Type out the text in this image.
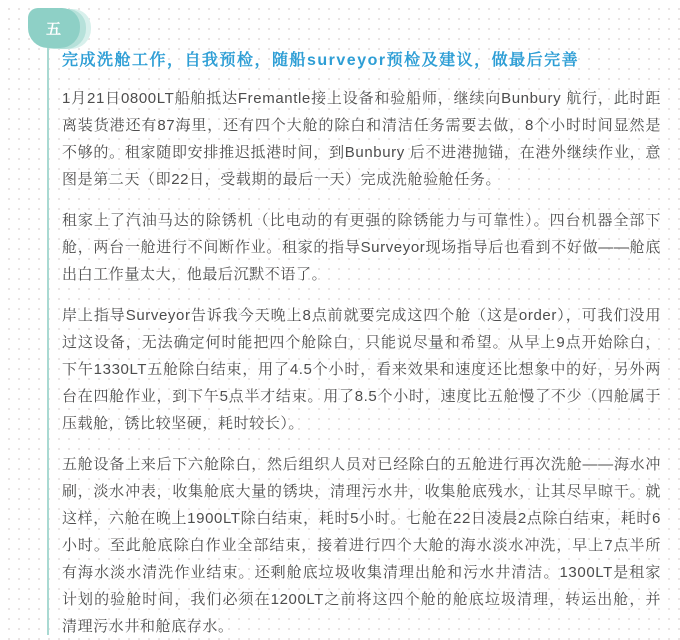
五
完成洗舱工作，自我预检，随船surveyor预检及建议，做最后完善

1月21日0800LT船舶抵达Fremantle接上设备和验船师，继续向Bunbury 航行，此时距离装货港还有87海里，还有四个大舱的除白和清洁任务需要去做，8个小时时间显然是不够的。租家随即安排推迟抵港时间，到Bunbury 后不进港抛锚，在港外继续作业，意图是第二天（即22日，受载期的最后一天）完成洗舱验舱任务。

租家上了汽油马达的除锈机（比电动的有更强的除锈能力与可靠性）。四台机器全部下舱，两台一舱进行不间断作业。租家的指导Surveyor现场指导后也看到不好做——舱底出白工作量太大，他最后沉默不语了。

岸上指导Surveyor告诉我今天晚上8点前就要完成这四个舱（这是order），可我们没用过这设备，无法确定何时能把四个舱除白，只能说尽量和希望。从早上9点开始除白，下午1330LT五舱除白结束，用了4.5个小时，看来效果和速度还比想象中的好，另外两台在四舱作业，到下午5点半才结束。用了8.5个小时，速度比五舱慢了不少（四舱属于压载舱，锈比较坚硬，耗时较长）。

五舱设备上来后下六舱除白，然后组织人员对已经除白的五舱进行再次洗舱——海水冲刷，淡水冲表，收集舱底大量的锈块，清理污水井，收集舱底残水，让其尽早晾干。就这样，六舱在晚上1900LT除白结束，耗时5小时。七舱在22日凌晨2点除白结束，耗时6小时。至此舱底除白作业全部结束，接着进行四个大舱的海水淡水冲洗，早上7点半所有海水淡水清洗作业结束。还剩舱底垃圾收集清理出舱和污水井清洁。1300LT是租家计划的验舱时间，我们必须在1200LT之前将这四个舱的舱底垃圾清理，转运出舱，并清理污水井和舱底存水。
